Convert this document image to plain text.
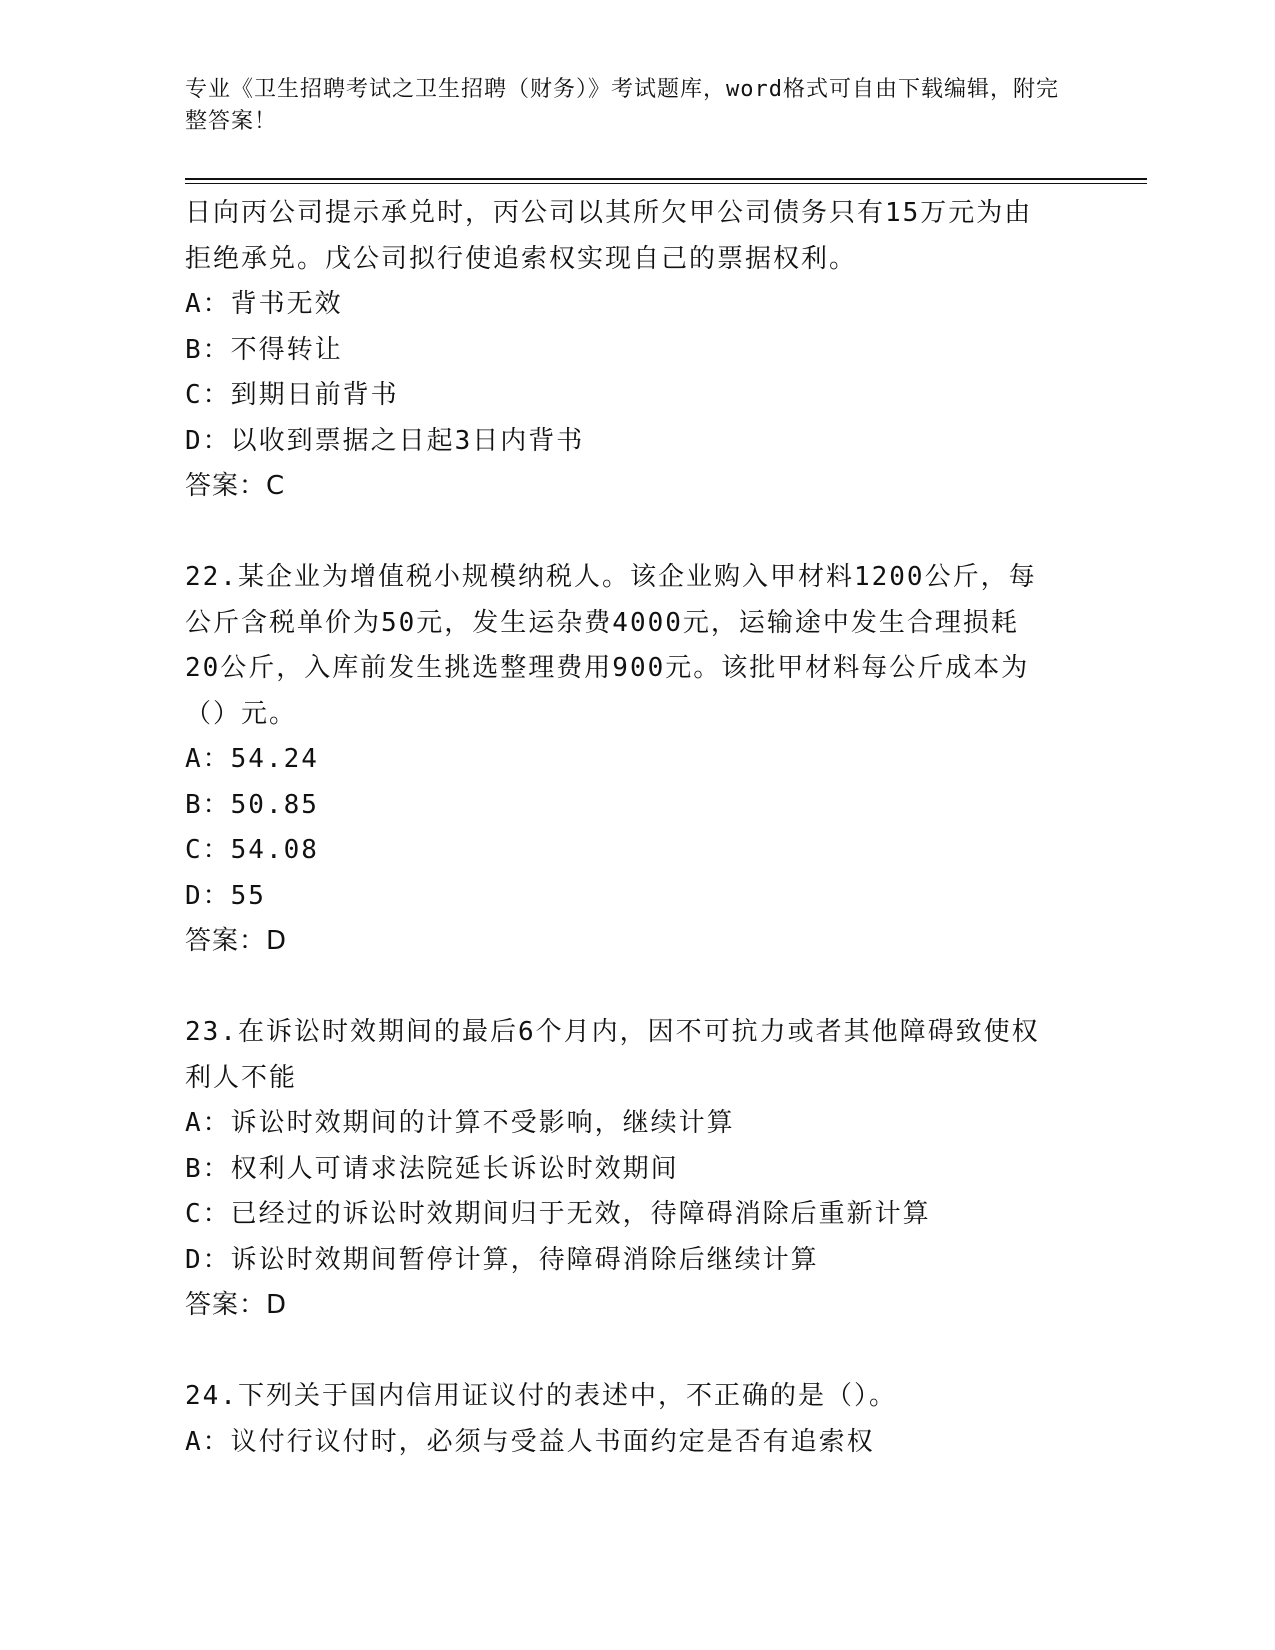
专业《卫生招聘考试之卫生招聘（财务）》考试题库，word格式可自由下载编辑，附完整答案！
日向丙公司提示承兑时，丙公司以其所欠甲公司债务只有15万元为由
拒绝承兑。戊公司拟行使追索权实现自己的票据权利。
A：背书无效
B：不得转让
C：到期日前背书
D：以收到票据之日起3日内背书
答案：C
22.某企业为增值税小规模纳税人。该企业购入甲材料1200公斤，每
公斤含税单价为50元，发生运杂费4000元，运输途中发生合理损耗
20公斤，入库前发生挑选整理费用900元。该批甲材料每公斤成本为
（）元。
A：54.24
B：50.85
C：54.08
D：55
答案：D
23.在诉讼时效期间的最后6个月内，因不可抗力或者其他障碍致使权
利人不能
A：诉讼时效期间的计算不受影响，继续计算
B：权利人可请求法院延长诉讼时效期间
C：已经过的诉讼时效期间归于无效，待障碍消除后重新计算
D：诉讼时效期间暂停计算，待障碍消除后继续计算
答案：D
24.下列关于国内信用证议付的表述中，不正确的是（）。
A：议付行议付时，必须与受益人书面约定是否有追索权
